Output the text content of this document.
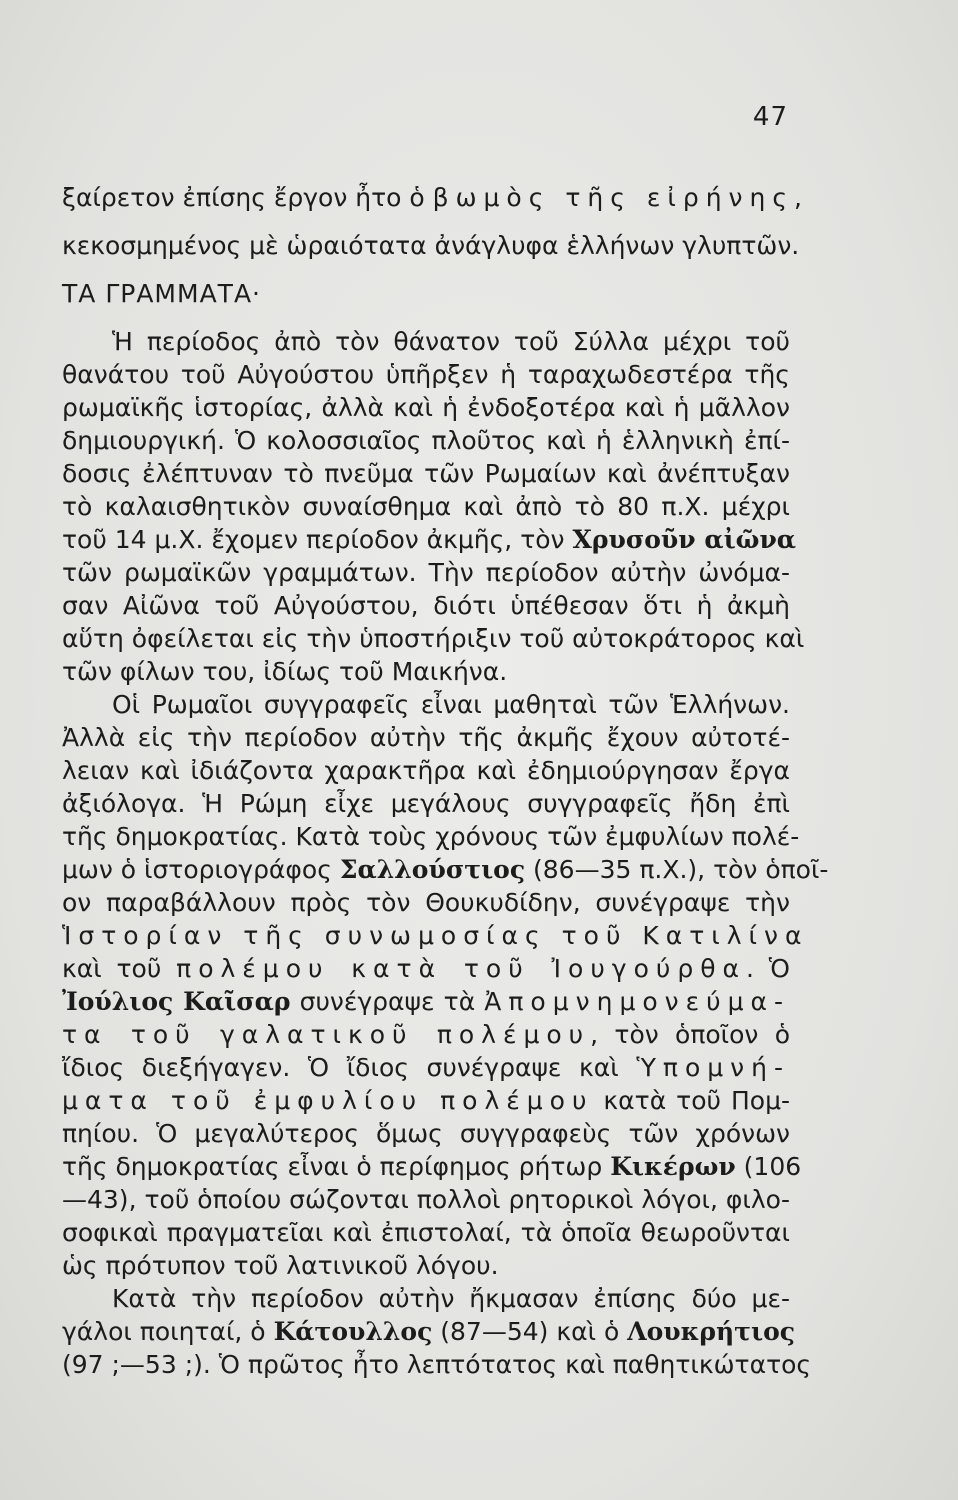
47
ξαίρετον ἐπίσης ἔργον ἦτο ὁ βωμὸς τῆς εἰρήνης,
κεκοσμημένος μὲ ὡραιότατα ἀνάγλυφα ἑλλήνων γλυπτῶν.
ΤΑ ΓΡΑΜΜΑΤΑ·
Ἡ περίοδος ἀπὸ τὸν θάνατον τοῦ Σύλλα μέχρι τοῦ
θανάτου τοῦ Αὐγούστου ὑπῆρξεν ἡ ταραχωδεστέρα τῆς
ρωμαϊκῆς ἱστορίας, ἀλλὰ καὶ ἡ ἐνδοξοτέρα καὶ ἡ μᾶλλον
δημιουργική. Ὁ κολοσσιαῖος πλοῦτος καὶ ἡ ἑλληνικὴ ἐπί-
δοσις ἐλέπτυναν τὸ πνεῦμα τῶν Ρωμαίων καὶ ἀνέπτυξαν
τὸ καλαισθητικὸν συναίσθημα καὶ ἀπὸ τὸ 80 π.Χ. μέχρι
τοῦ 14 μ.Χ. ἔχομεν περίοδον ἀκμῆς, τὸν Χρυσοῦν αἰῶνα
τῶν ρωμαϊκῶν γραμμάτων. Τὴν περίοδον αὐτὴν ὠνόμα-
σαν Αἰῶνα τοῦ Αὐγούστου, διότι ὑπέθεσαν ὅτι ἡ ἀκμὴ
αὕτη ὀφείλεται εἰς τὴν ὑποστήριξιν τοῦ αὐτοκράτορος καὶ
τῶν φίλων του, ἰδίως τοῦ Μαικήνα.
Οἱ Ρωμαῖοι συγγραφεῖς εἶναι μαθηταὶ τῶν Ἑλλήνων.
Ἀλλὰ εἰς τὴν περίοδον αὐτὴν τῆς ἀκμῆς ἔχουν αὐτοτέ-
λειαν καὶ ἰδιάζοντα χαρακτῆρα καὶ ἐδημιούργησαν ἔργα
ἀξιόλογα. Ἡ Ρώμη εἶχε μεγάλους συγγραφεῖς ἤδη ἐπὶ
τῆς δημοκρατίας. Κατὰ τοὺς χρόνους τῶν ἐμφυλίων πολέ-
μων ὁ ἱστοριογράφος Σαλλούστιος (86—35 π.Χ.), τὸν ὁποῖ-
ον παραβάλλουν πρὸς τὸν Θουκυδίδην, συνέγραψε τὴν
Ἱστορίαν τῆς συνωμοσίας τοῦ Κατιλίνα
καὶ τοῦ πολέμου κατὰ τοῦ Ἰουγούρθα. Ὁ
Ἰούλιος Καῖσαρ συνέγραψε τὰ Ἀπομνημονεύμα-
τα τοῦ γαλατικοῦ πολέμου, τὸν ὁποῖον ὁ
ἴδιος διεξήγαγεν. Ὁ ἴδιος συνέγραψε καὶ Ὑπομνή-
ματα τοῦ ἐμφυλίου πολέμου κατὰ τοῦ Πομ-
πηίου. Ὁ μεγαλύτερος ὅμως συγγραφεὺς τῶν χρόνων
τῆς δημοκρατίας εἶναι ὁ περίφημος ρήτωρ Κικέρων (106
—43), τοῦ ὁποίου σώζονται πολλοὶ ρητορικοὶ λόγοι, φιλο-
σοφικαὶ πραγματεῖαι καὶ ἐπιστολαί, τὰ ὁποῖα θεωροῦνται
ὡς πρότυπον τοῦ λατινικοῦ λόγου.
Κατὰ τὴν περίοδον αὐτὴν ἤκμασαν ἐπίσης δύο με-
γάλοι ποιηταί, ὁ Κάτουλλος (87—54) καὶ ὁ Λουκρήτιος
(97 ;—53 ;). Ὁ πρῶτος ἦτο λεπτότατος καὶ παθητικώτατος
